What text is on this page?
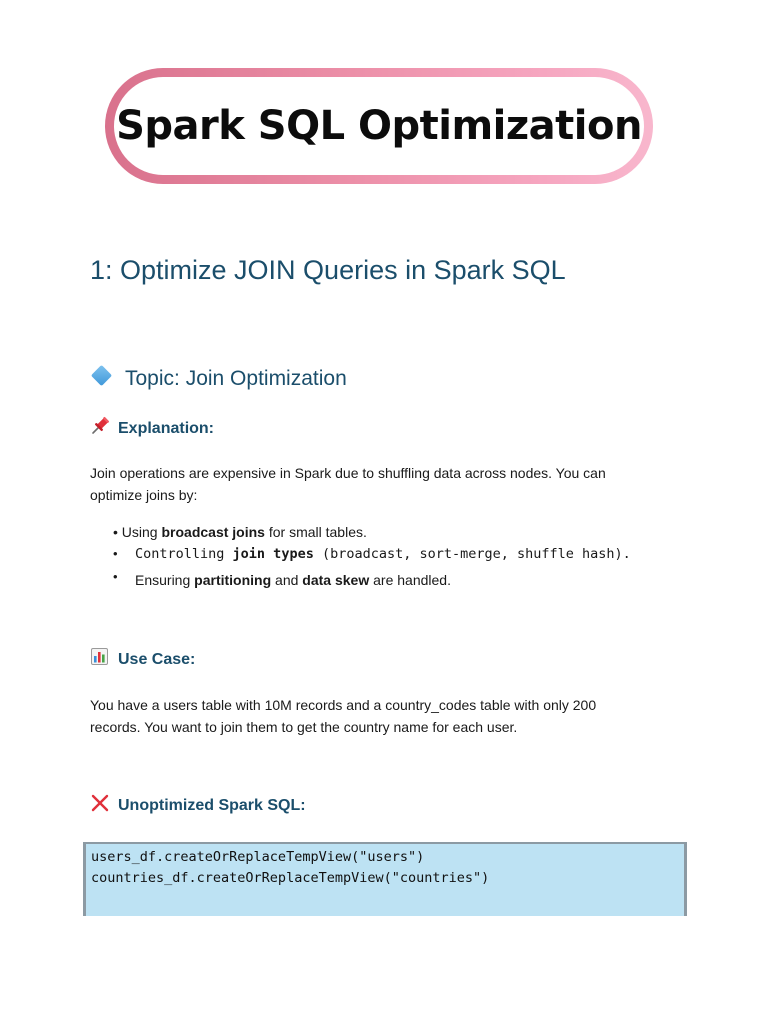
Spark SQL Optimization
1: Optimize JOIN Queries in Spark SQL
Topic: Join Optimization
Explanation:
Join operations are expensive in Spark due to shuffling data across nodes. You can optimize joins by:
• Using broadcast joins for small tables.
•	Controlling join types (broadcast, sort-merge, shuffle hash).
•	Ensuring partitioning and data skew are handled.
Use Case:
You have a users table with 10M records and a country_codes table with only 200 records. You want to join them to get the country name for each user.
Unoptimized Spark SQL:
users_df.createOrReplaceTempView("users")
countries_df.createOrReplaceTempView("countries")
